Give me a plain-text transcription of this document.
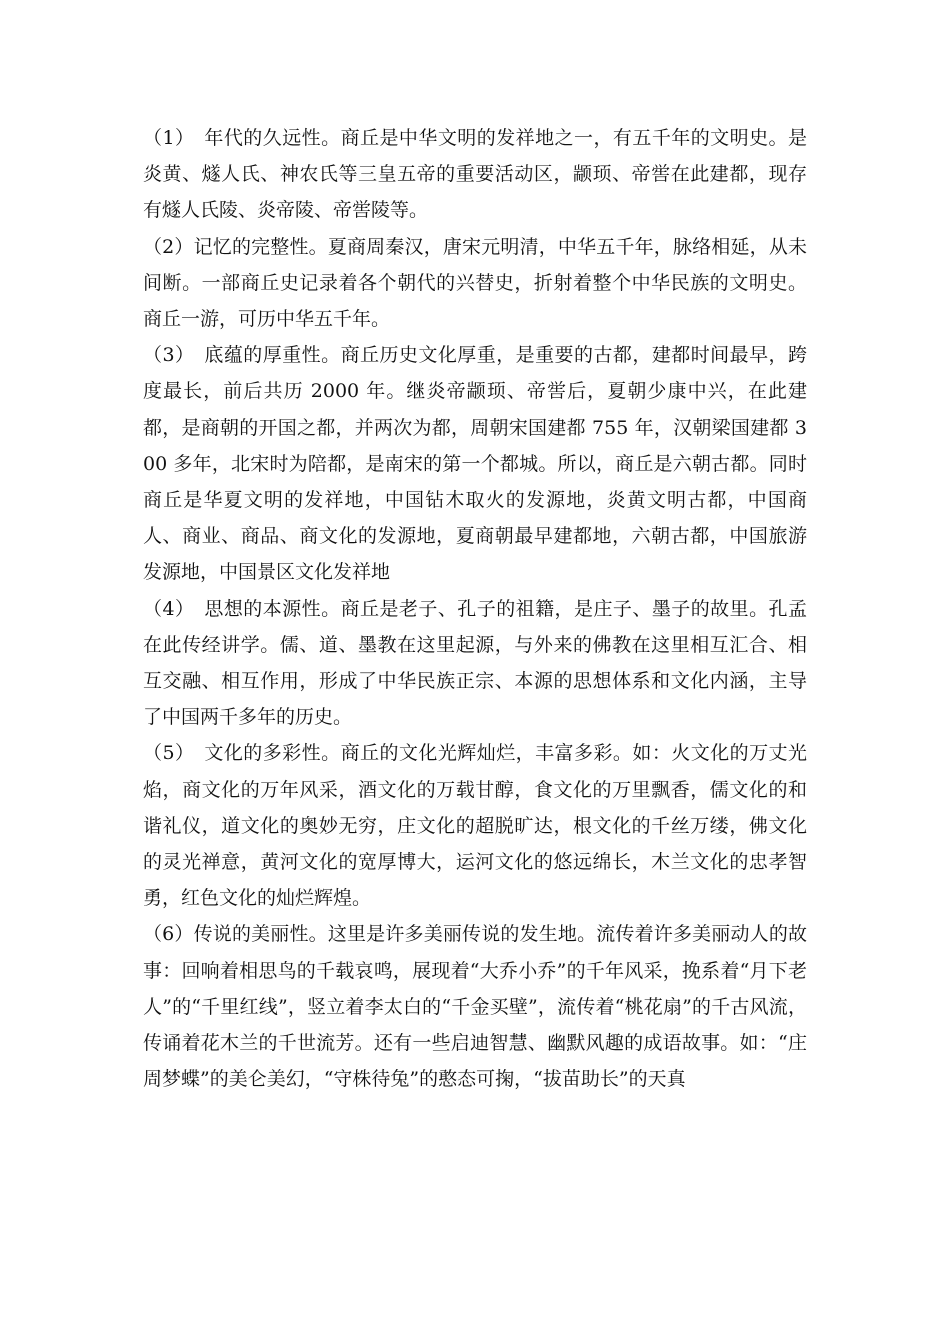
（1）　年代的久远性。商丘是中华文明的发祥地之一，有五千年的文明史。是炎黄、燧人氏、神农氏等三皇五帝的重要活动区，颛顼、帝喾在此建都，现存有燧人氏陵、炎帝陵、帝喾陵等。

（2）记忆的完整性。夏商周秦汉，唐宋元明清，中华五千年，脉络相延，从未间断。一部商丘史记录着各个朝代的兴替史，折射着整个中华民族的文明史。商丘一游，可历中华五千年。

（3）　底蕴的厚重性。商丘历史文化厚重，是重要的古都，建都时间最早，跨度最长，前后共历 2000 年。继炎帝颛顼、帝喾后，夏朝少康中兴，在此建都，是商朝的开国之都，并两次为都，周朝宋国建都 755 年，汉朝梁国建都 300 多年，北宋时为陪都，是南宋的第一个都城。所以，商丘是六朝古都。同时商丘是华夏文明的发祥地，中国钻木取火的发源地，炎黄文明古都，中国商人、商业、商品、商文化的发源地，夏商朝最早建都地，六朝古都，中国旅游发源地，中国景区文化发祥地

（4）　思想的本源性。商丘是老子、孔子的祖籍，是庄子、墨子的故里。孔孟在此传经讲学。儒、道、墨教在这里起源，与外来的佛教在这里相互汇合、相互交融、相互作用，形成了中华民族正宗、本源的思想体系和文化内涵，主导了中国两千多年的历史。

（5）　文化的多彩性。商丘的文化光辉灿烂，丰富多彩。如：火文化的万丈光焰，商文化的万年风采，酒文化的万载甘醇，食文化的万里飘香，儒文化的和谐礼仪，道文化的奥妙无穷，庄文化的超脱旷达，根文化的千丝万缕，佛文化的灵光禅意，黄河文化的宽厚博大，运河文化的悠远绵长，木兰文化的忠孝智勇，红色文化的灿烂辉煌。

（6）传说的美丽性。这里是许多美丽传说的发生地。流传着许多美丽动人的故事：回响着相思鸟的千载哀鸣，展现着“大乔小乔”的千年风采，挽系着“月下老人”的“千里红线”，竖立着李太白的“千金买壁”，流传着“桃花扇”的千古风流，传诵着花木兰的千世流芳。还有一些启迪智慧、幽默风趣的成语故事。如：“庄周梦蝶”的美仑美幻，“守株待兔”的憨态可掬，“拔苗助长”的天真
